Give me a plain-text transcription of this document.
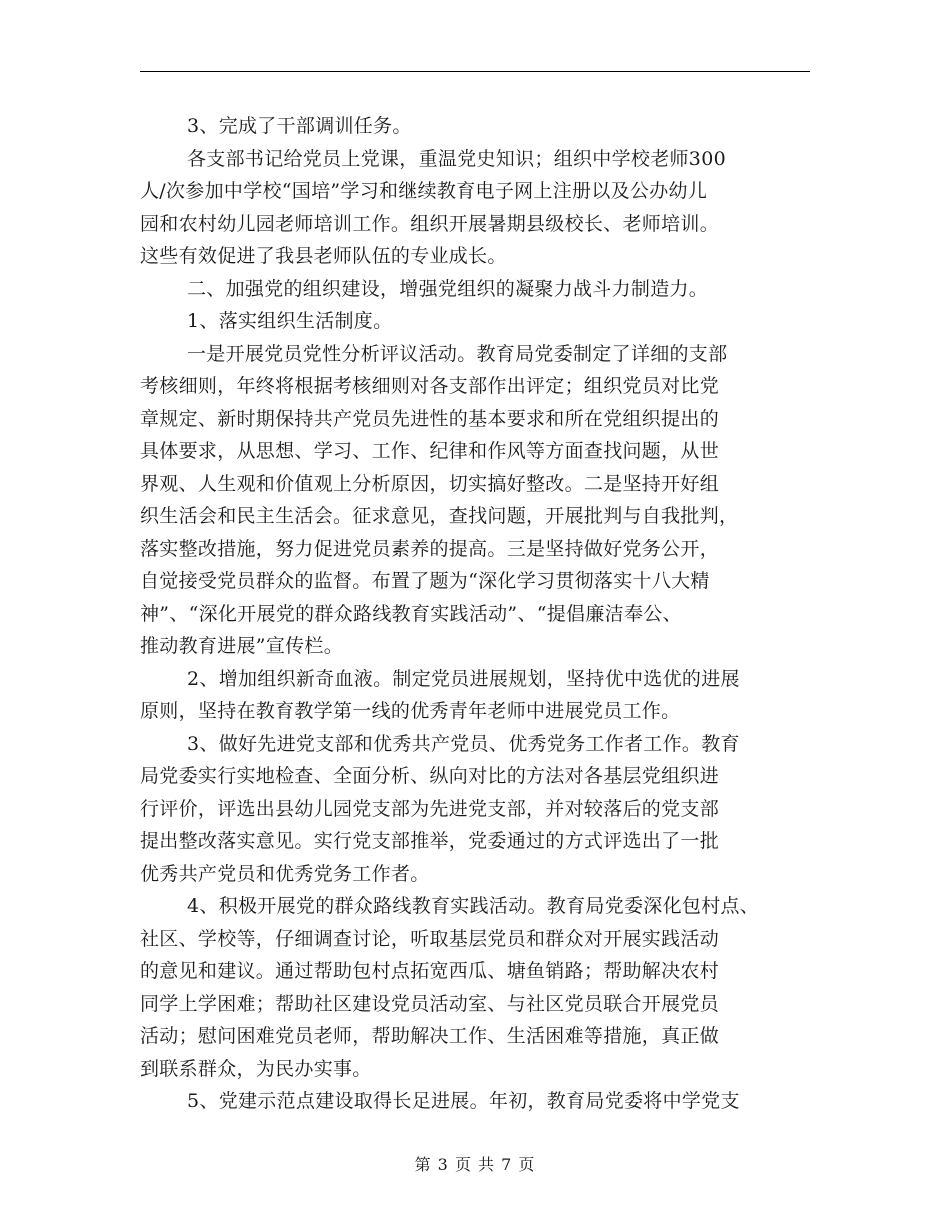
3、完成了干部调训任务。
各支部书记给党员上党课，重温党史知识；组织中学校老师300
人/次参加中学校“国培”学习和继续教育电子网上注册以及公办幼儿
园和农村幼儿园老师培训工作。组织开展暑期县级校长、老师培训。
这些有效促进了我县老师队伍的专业成长。
二、加强党的组织建设，增强党组织的凝聚力战斗力制造力。
1、落实组织生活制度。
一是开展党员党性分析评议活动。教育局党委制定了详细的支部
考核细则，年终将根据考核细则对各支部作出评定；组织党员对比党
章规定、新时期保持共产党员先进性的基本要求和所在党组织提出的
具体要求，从思想、学习、工作、纪律和作风等方面查找问题，从世
界观、人生观和价值观上分析原因，切实搞好整改。二是坚持开好组
织生活会和民主生活会。征求意见，查找问题，开展批判与自我批判，
落实整改措施，努力促进党员素养的提高。三是坚持做好党务公开，
自觉接受党员群众的监督。布置了题为“深化学习贯彻落实十八大精
神”、“深化开展党的群众路线教育实践活动”、“提倡廉洁奉公、
推动教育进展”宣传栏。
2、增加组织新奇血液。制定党员进展规划，坚持优中选优的进展
原则，坚持在教育教学第一线的优秀青年老师中进展党员工作。
3、做好先进党支部和优秀共产党员、优秀党务工作者工作。教育
局党委实行实地检查、全面分析、纵向对比的方法对各基层党组织进
行评价，评选出县幼儿园党支部为先进党支部，并对较落后的党支部
提出整改落实意见。实行党支部推举，党委通过的方式评选出了一批
优秀共产党员和优秀党务工作者。
4、积极开展党的群众路线教育实践活动。教育局党委深化包村点、
社区、学校等，仔细调查讨论，听取基层党员和群众对开展实践活动
的意见和建议。通过帮助包村点拓宽西瓜、塘鱼销路；帮助解决农村
同学上学困难；帮助社区建设党员活动室、与社区党员联合开展党员
活动；慰问困难党员老师，帮助解决工作、生活困难等措施，真正做
到联系群众，为民办实事。
5、党建示范点建设取得长足进展。年初，教育局党委将中学党支
第 3 页 共 7 页
